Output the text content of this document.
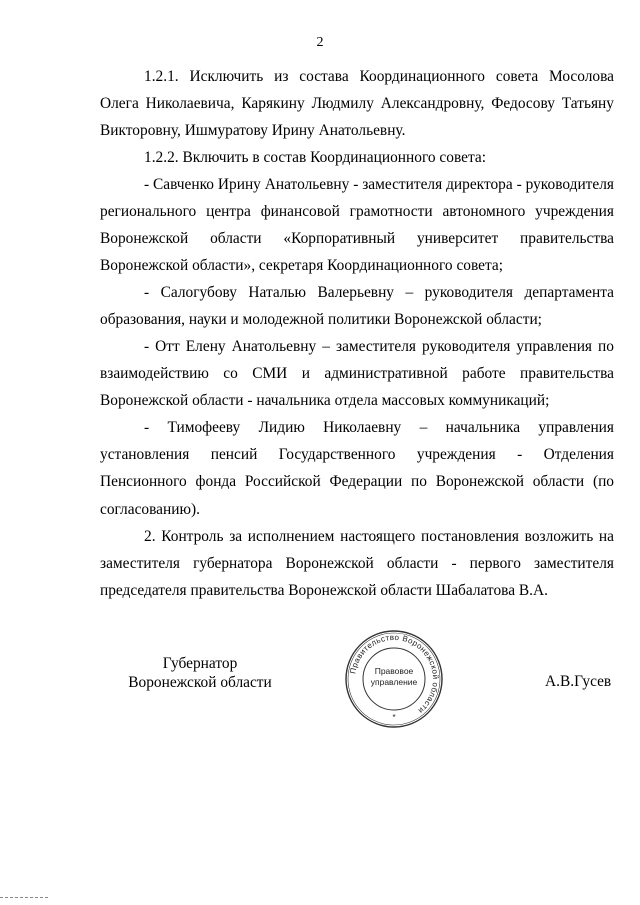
2

1.2.1. Исключить из состава Координационного совета Мосолова Олега Николаевича, Карякину Людмилу Александровну, Федосову Татьяну Викторовну, Ишмуратову Ирину Анатольевну.

1.2.2. Включить в состав Координационного совета:

- Савченко Ирину Анатольевну - заместителя директора - руководителя регионального центра финансовой грамотности автономного учреждения Воронежской области «Корпоративный университет правительства Воронежской области», секретаря Координационного совета;

- Салогубову Наталью Валерьевну – руководителя департамента образования, науки и молодежной политики Воронежской области;

- Отт Елену Анатольевну – заместителя руководителя управления по взаимодействию со СМИ и административной работе правительства Воронежской области - начальника отдела массовых коммуникаций;

- Тимофееву Лидию Николаевну – начальника управления установления пенсий Государственного учреждения - Отделения Пенсионного фонда Российской Федерации по Воронежской области (по согласованию).

2. Контроль за исполнением настоящего постановления возложить на заместителя губернатора Воронежской области - первого заместителя председателя правительства Воронежской области Шабалатова В.А.

Губернатор
Воронежской области
Правительство Воронежской области
Правовое
управление
*
А.В.Гусев
